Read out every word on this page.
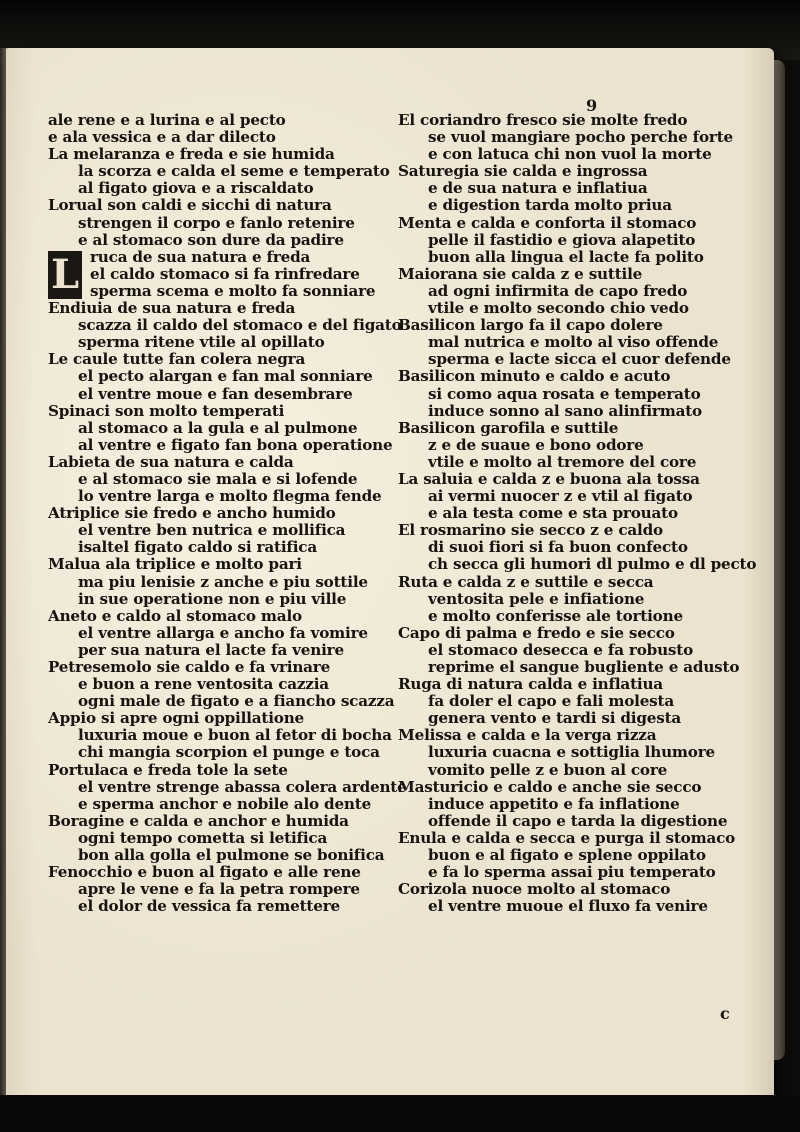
9
ale rene e a lurina e al pecto
e ala vessica e a dar dilecto
La melaranza e freda e sie humida
la scorza e calda el seme e temperato
al figato giova e a riscaldato
Lorual son caldi e sicchi di natura
strengen il corpo e fanlo retenire
e al stomaco son dure da padire
L ruca de sua natura e freda
el caldo stomaco si fa rinfredare
sperma scema e molto fa sonniare
Endiuia de sua natura e freda
scazza il caldo del stomaco e del figato
sperma ritene vtile al opillato
Le caule tutte fan colera negra
el pecto alargan e fan mal sonniare
el ventre moue e fan desembrare
Spinaci son molto temperati
al stomaco a la gula e al pulmone
al ventre e figato fan bona operatione
Labieta de sua natura e calda
e al stomaco sie mala e si lofende
lo ventre larga e molto flegma fende
Atriplice sie fredo e ancho humido
el ventre ben nutrica e mollifica
isaltel figato caldo si ratifica
Malua ala triplice e molto pari
ma piu lenisie z anche e piu sottile
in sue operatione non e piu ville
Aneto e caldo al stomaco malo
el ventre allarga e ancho fa vomire
per sua natura el lacte fa venire
Petresemolo sie caldo e fa vrinare
e buon a rene ventosita cazzia
ogni male de figato e a fiancho scazza
Appio si apre ogni oppillatione
luxuria moue e buon al fetor di bocha
chi mangia scorpion el punge e toca
Portulaca e freda tole la sete
el ventre strenge abassa colera ardente
e sperma anchor e nobile alo dente
Boragine e calda e anchor e humida
ogni tempo cometta si letifica
bon alla golla el pulmone se bonifica
Fenocchio e buon al figato e alle rene
apre le vene e fa la petra rompere
el dolor de vessica fa remettere
El coriandro fresco sie molte fredo
se vuol mangiare pocho perche forte
e con latuca chi non vuol la morte
Saturegia sie calda e ingrossa
e de sua natura e inflatiua
e digestion tarda molto priua
Menta e calda e conforta il stomaco
pelle il fastidio e giova alapetito
buon alla lingua el lacte fa polito
Maiorana sie calda z e suttile
ad ogni infirmita de capo fredo
vtile e molto secondo chio vedo
Basilicon largo fa il capo dolere
mal nutrica e molto al viso offende
sperma e lacte sicca el cuor defende
Basilicon minuto e caldo e acuto
si como aqua rosata e temperato
induce sonno al sano alinfirmato
Basilicon garofila e suttile
z e de suaue e bono odore
vtile e molto al tremore del core
La saluia e calda z e buona ala tossa
ai vermi nuocer z e vtil al figato
e ala testa come e sta prouato
El rosmarino sie secco z e caldo
di suoi fiori si fa buon confecto
ch secca gli humori dl pulmo e dl pecto
Ruta e calda z e suttile e secca
ventosita pele e infiatione
e molto conferisse ale tortione
Capo di palma e fredo e sie secco
el stomaco desecca e fa robusto
reprime el sangue bugliente e adusto
Ruga di natura calda e inflatiua
fa doler el capo e fali molesta
genera vento e tardi si digesta
Melissa e calda e la verga rizza
luxuria cuacna e sottiglia lhumore
vomito pelle z e buon al core
Masturicio e caldo e anche sie secco
induce appetito e fa inflatione
offende il capo e tarda la digestione
Enula e calda e secca e purga il stomaco
buon e al figato e splene oppilato
e fa lo sperma assai piu temperato
Corizola nuoce molto al stomaco
el ventre muoue el fluxo fa venire
c
